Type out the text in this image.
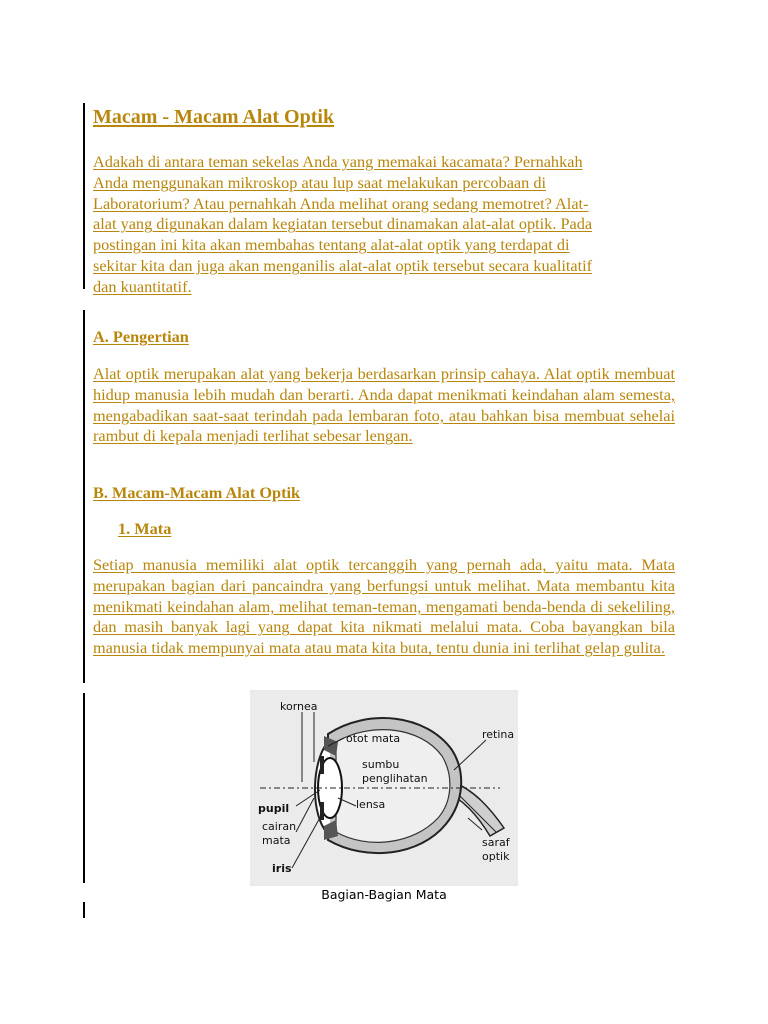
Macam - Macam Alat Optik
Adakah di antara teman sekelas Anda yang memakai kacamata? Pernahkah
Anda menggunakan mikroskop atau lup saat melakukan percobaan di
Laboratorium? Atau pernahkah Anda melihat orang sedang memotret? Alat-
alat yang digunakan dalam kegiatan tersebut dinamakan alat-alat optik. Pada
postingan ini kita akan membahas tentang alat-alat optik yang terdapat di
sekitar kita dan juga akan menganilis alat-alat optik tersebut secara kualitatif
dan kuantitatif.
A. Pengertian

Alat optik merupakan alat yang bekerja berdasarkan prinsip cahaya. Alat optik membuat hidup manusia lebih mudah dan berarti. Anda dapat menikmati keindahan alam semesta, mengabadikan saat-saat terindah pada lembaran foto, atau bahkan bisa membuat sehelai rambut di kepala menjadi terlihat sebesar lengan.

B. Macam-Macam Alat Optik
1. Mata

Setiap manusia memiliki alat optik tercanggih yang pernah ada, yaitu mata. Mata merupakan bagian dari pancaindra yang berfungsi untuk melihat. Mata membantu kita menikmati keindahan alam, melihat teman-teman, mengamati benda-benda di sekeliling, dan masih banyak lagi yang dapat kita nikmati melalui mata. Coba bayangkan bila manusia tidak mempunyai mata atau mata kita buta, tentu dunia ini terlihat gelap gulita.

kornea
otot mata	retina
sumbu
penglihatan
pupil	lensa
cairan
mata
iris
saraf
optik

Bagian-Bagian Mata
